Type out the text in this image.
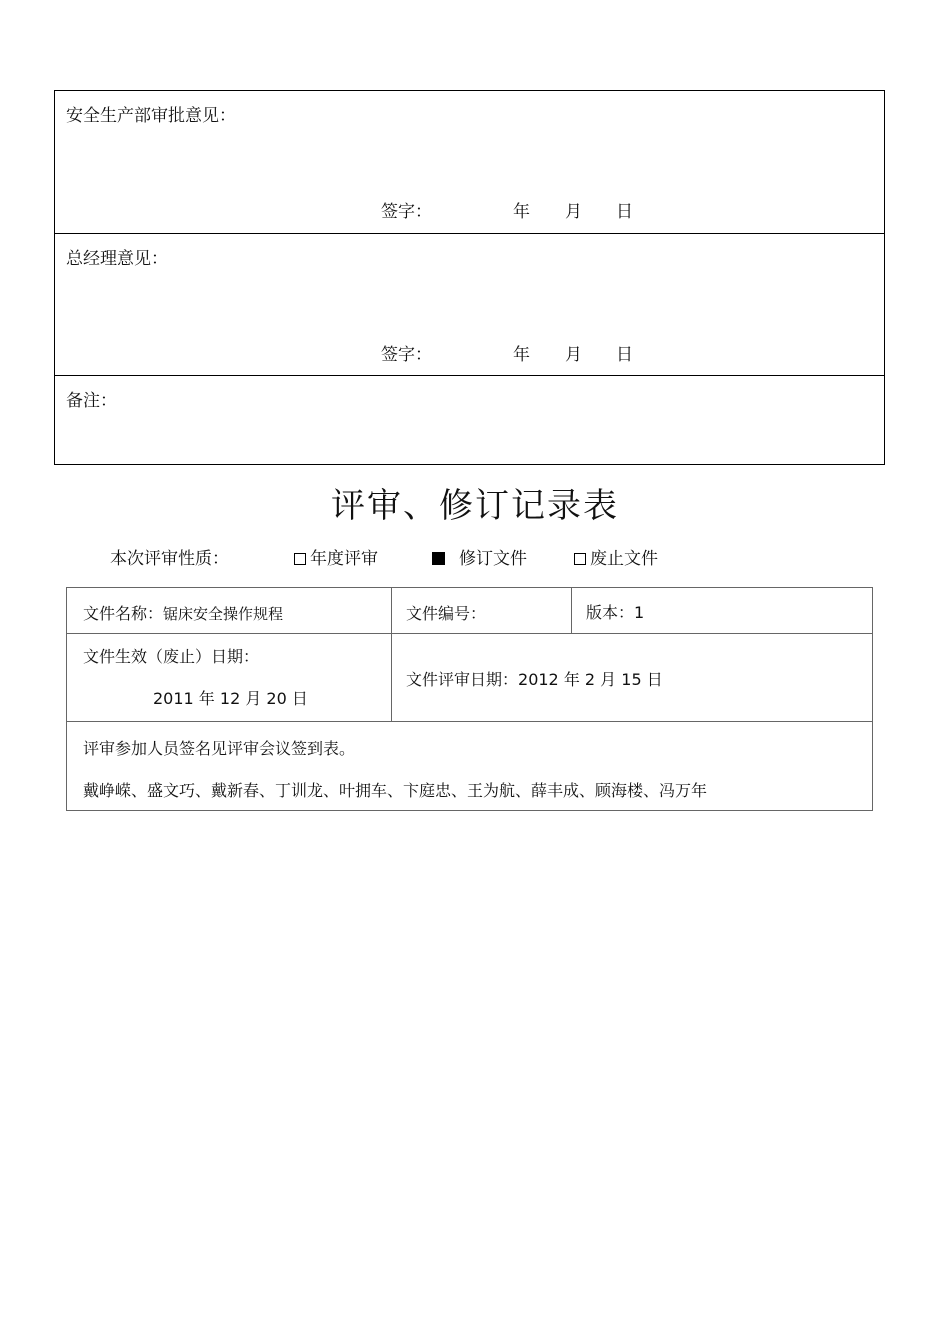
安全生产部审批意见：
签字：	年 月 日
总经理意见：
签字：	年 月 日
备注：
评审、修订记录表
本次评审性质：	年度评审	修订文件	废止文件
文件名称：锯床安全操作规程	文件编号：	版本：1
文件生效（废止）日期：
2011 年 12 月 20 日
文件评审日期：2012 年 2 月 15 日
评审参加人员签名见评审会议签到表。
戴峥嵘、盛文巧、戴新春、丁训龙、叶拥车、卞庭忠、王为航、薛丰成、顾海楼、冯万年
